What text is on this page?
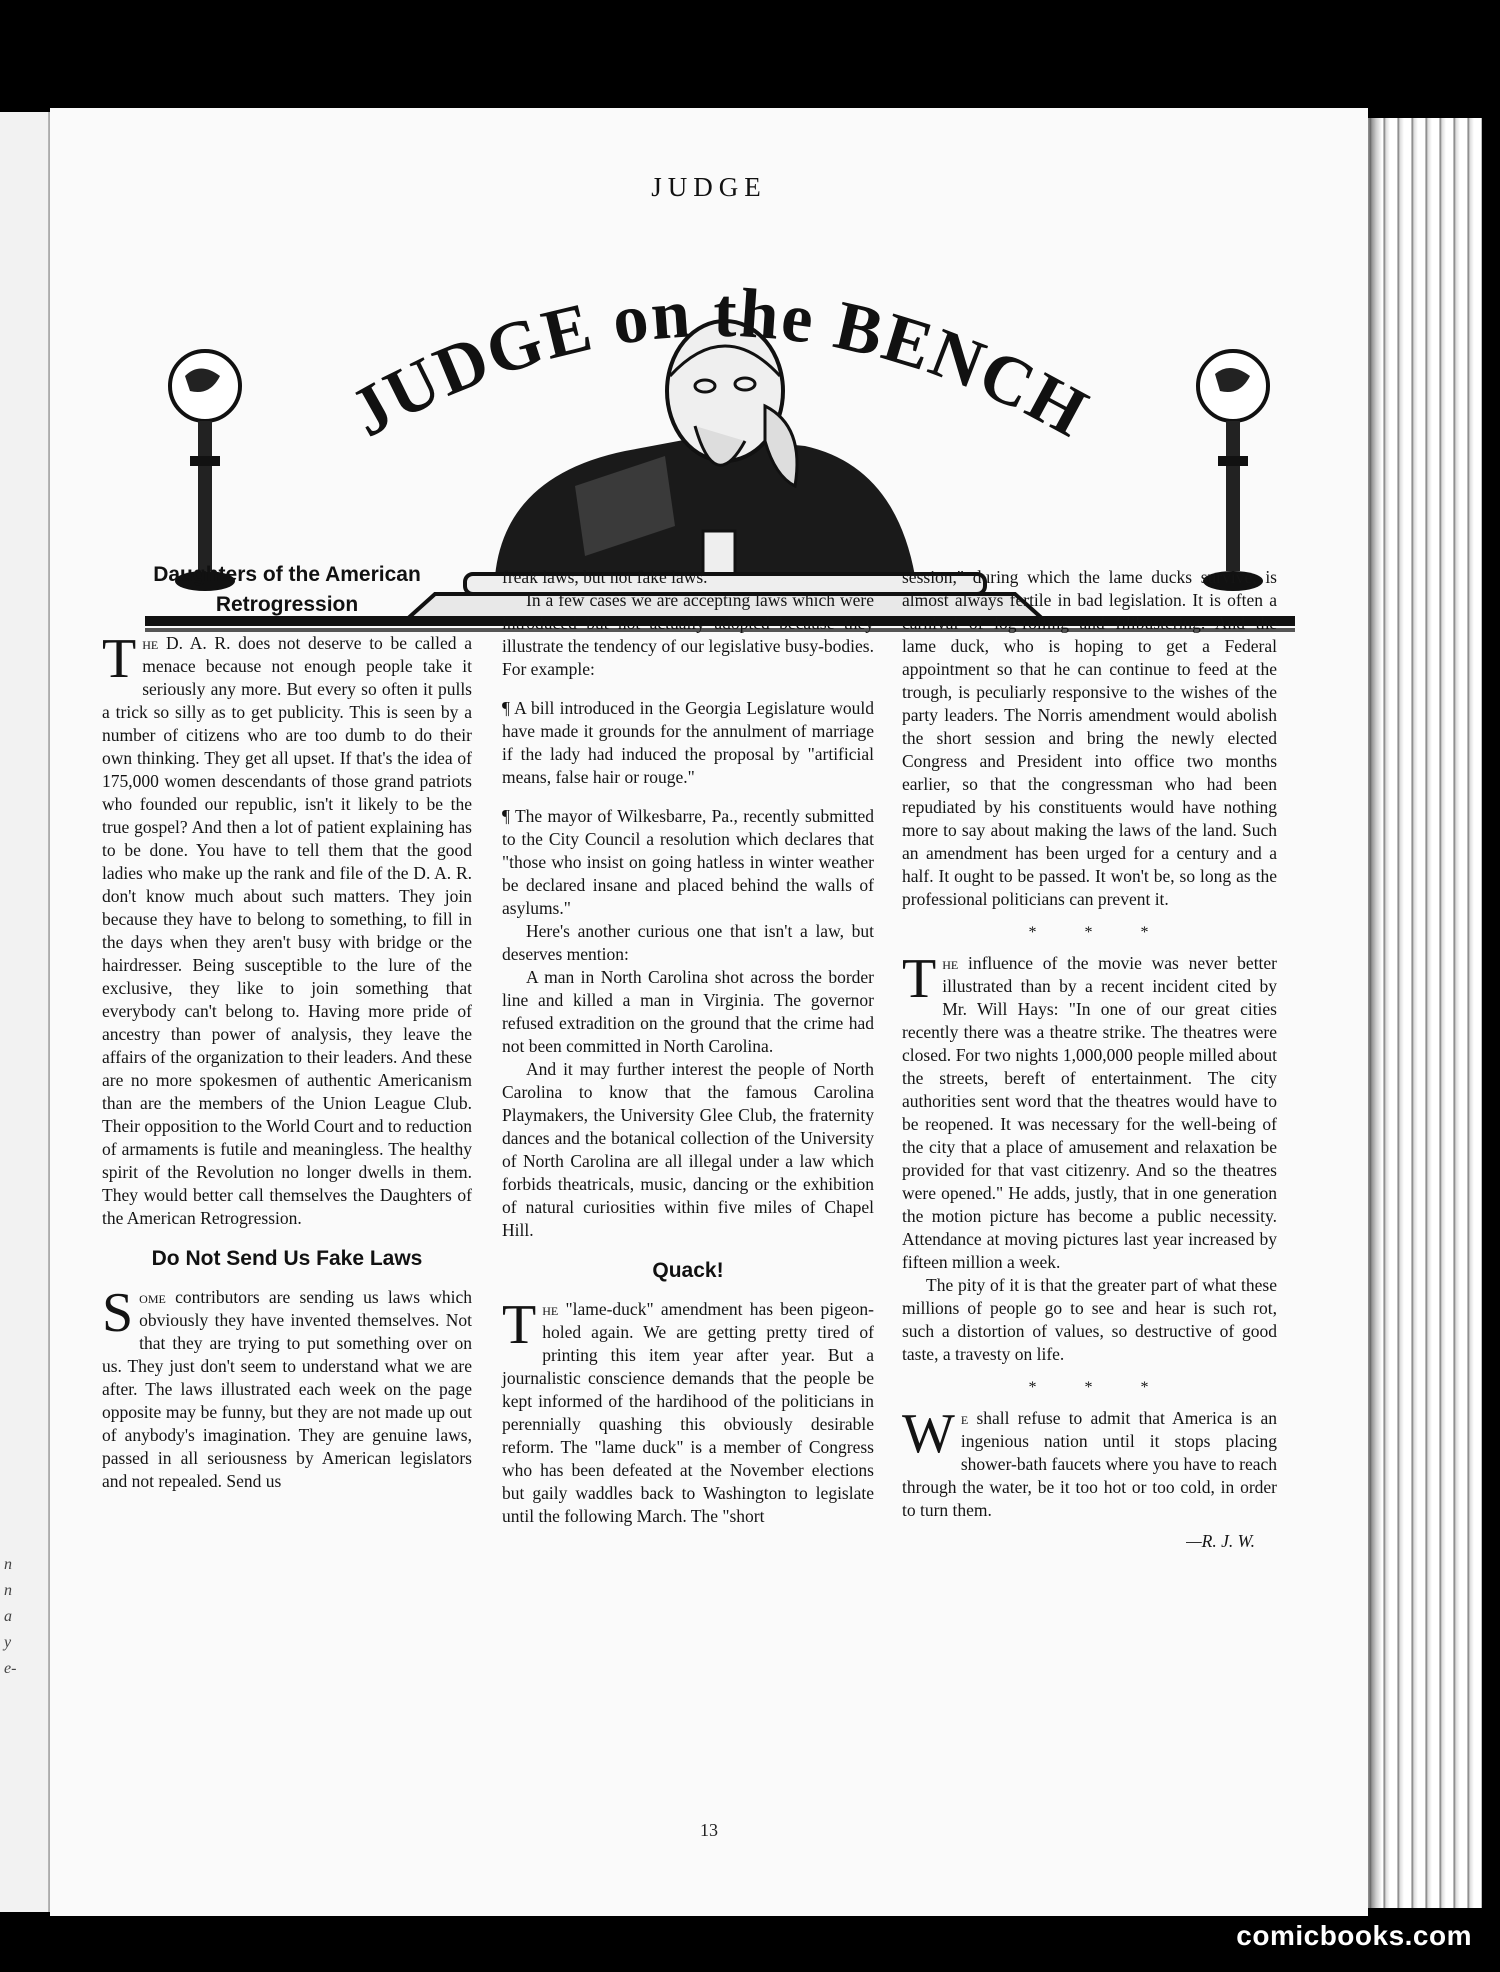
n
n
a
y
e-
JUDGE
JUDGE on the BENCH
Daughters of the American Retrogression

The D. A. R. does not deserve to be called a menace because not enough people take it seriously any more. But every so often it pulls a trick so silly as to get publicity. This is seen by a number of citizens who are too dumb to do their own thinking. They get all upset. If that's the idea of 175,000 women descendants of those grand patriots who founded our republic, isn't it likely to be the true gospel? And then a lot of patient explaining has to be done. You have to tell them that the good ladies who make up the rank and file of the D. A. R. don't know much about such matters. They join because they have to belong to something, to fill in the days when they aren't busy with bridge or the hairdresser. Being susceptible to the lure of the exclusive, they like to join something that everybody can't belong to. Having more pride of ancestry than power of analysis, they leave the affairs of the organization to their leaders. And these are no more spokesmen of authentic Americanism than are the members of the Union League Club. Their opposition to the World Court and to reduction of armaments is futile and meaningless. The healthy spirit of the Revolution no longer dwells in them. They would better call themselves the Daughters of the American Retrogression.

Do Not Send Us Fake Laws

Some contributors are sending us laws which obviously they have invented themselves. Not that they are trying to put something over on us. They just don't seem to understand what we are after. The laws illustrated each week on the page opposite may be funny, but they are not made up out of anybody's imagination. They are genuine laws, passed in all seriousness by American legislators and not repealed. Send us

freak laws, but not fake laws.

In a few cases we are accepting laws which were introduced but not actually adopted because they illustrate the tendency of our legislative busy-bodies. For example:

¶ A bill introduced in the Georgia Legislature would have made it grounds for the annulment of marriage if the lady had induced the proposal by "artificial means, false hair or rouge."

¶ The mayor of Wilkesbarre, Pa., recently submitted to the City Council a resolution which declares that "those who insist on going hatless in winter weather be declared insane and placed behind the walls of asylums."

Here's another curious one that isn't a law, but deserves mention:

A man in North Carolina shot across the border line and killed a man in Virginia. The governor refused extradition on the ground that the crime had not been committed in North Carolina.

And it may further interest the people of North Carolina to know that the famous Carolina Playmakers, the University Glee Club, the fraternity dances and the botanical collection of the University of North Carolina are all illegal under a law which forbids theatricals, music, dancing or the exhibition of natural curiosities within five miles of Chapel Hill.

Quack!

The "lame-duck" amendment has been pigeon-holed again. We are getting pretty tired of printing this item year after year. But a journalistic conscience demands that the people be kept informed of the hardihood of the politicians in perennially quashing this obviously desirable reform. The "lame duck" is a member of Congress who has been defeated at the November elections but gaily waddles back to Washington to legislate until the following March. The "short

session," during which the lame ducks survive, is almost always fertile in bad legislation. It is often a carnival of log-rolling and filibustering. And the lame duck, who is hoping to get a Federal appointment so that he can continue to feed at the trough, is peculiarly responsive to the wishes of the party leaders. The Norris amendment would abolish the short session and bring the newly elected Congress and President into office two months earlier, so that the congressman who had been repudiated by his constituents would have nothing more to say about making the laws of the land. Such an amendment has been urged for a century and a half. It ought to be passed. It won't be, so long as the professional politicians can prevent it.

* * *

The influence of the movie was never better illustrated than by a recent incident cited by Mr. Will Hays: "In one of our great cities recently there was a theatre strike. The theatres were closed. For two nights 1,000,000 people milled about the streets, bereft of entertainment. The city authorities sent word that the theatres would have to be reopened. It was necessary for the well-being of the city that a place of amusement and relaxation be provided for that vast citizenry. And so the theatres were opened." He adds, justly, that in one generation the motion picture has become a public necessity. Attendance at moving pictures last year increased by fifteen million a week.

The pity of it is that the greater part of what these millions of people go to see and hear is such rot, such a distortion of values, so destructive of good taste, a travesty on life.

* * *

We shall refuse to admit that America is an ingenious nation until it stops placing shower-bath faucets where you have to reach through the water, be it too hot or too cold, in order to turn them.

—R. J. W.
13
comicbooks.com
